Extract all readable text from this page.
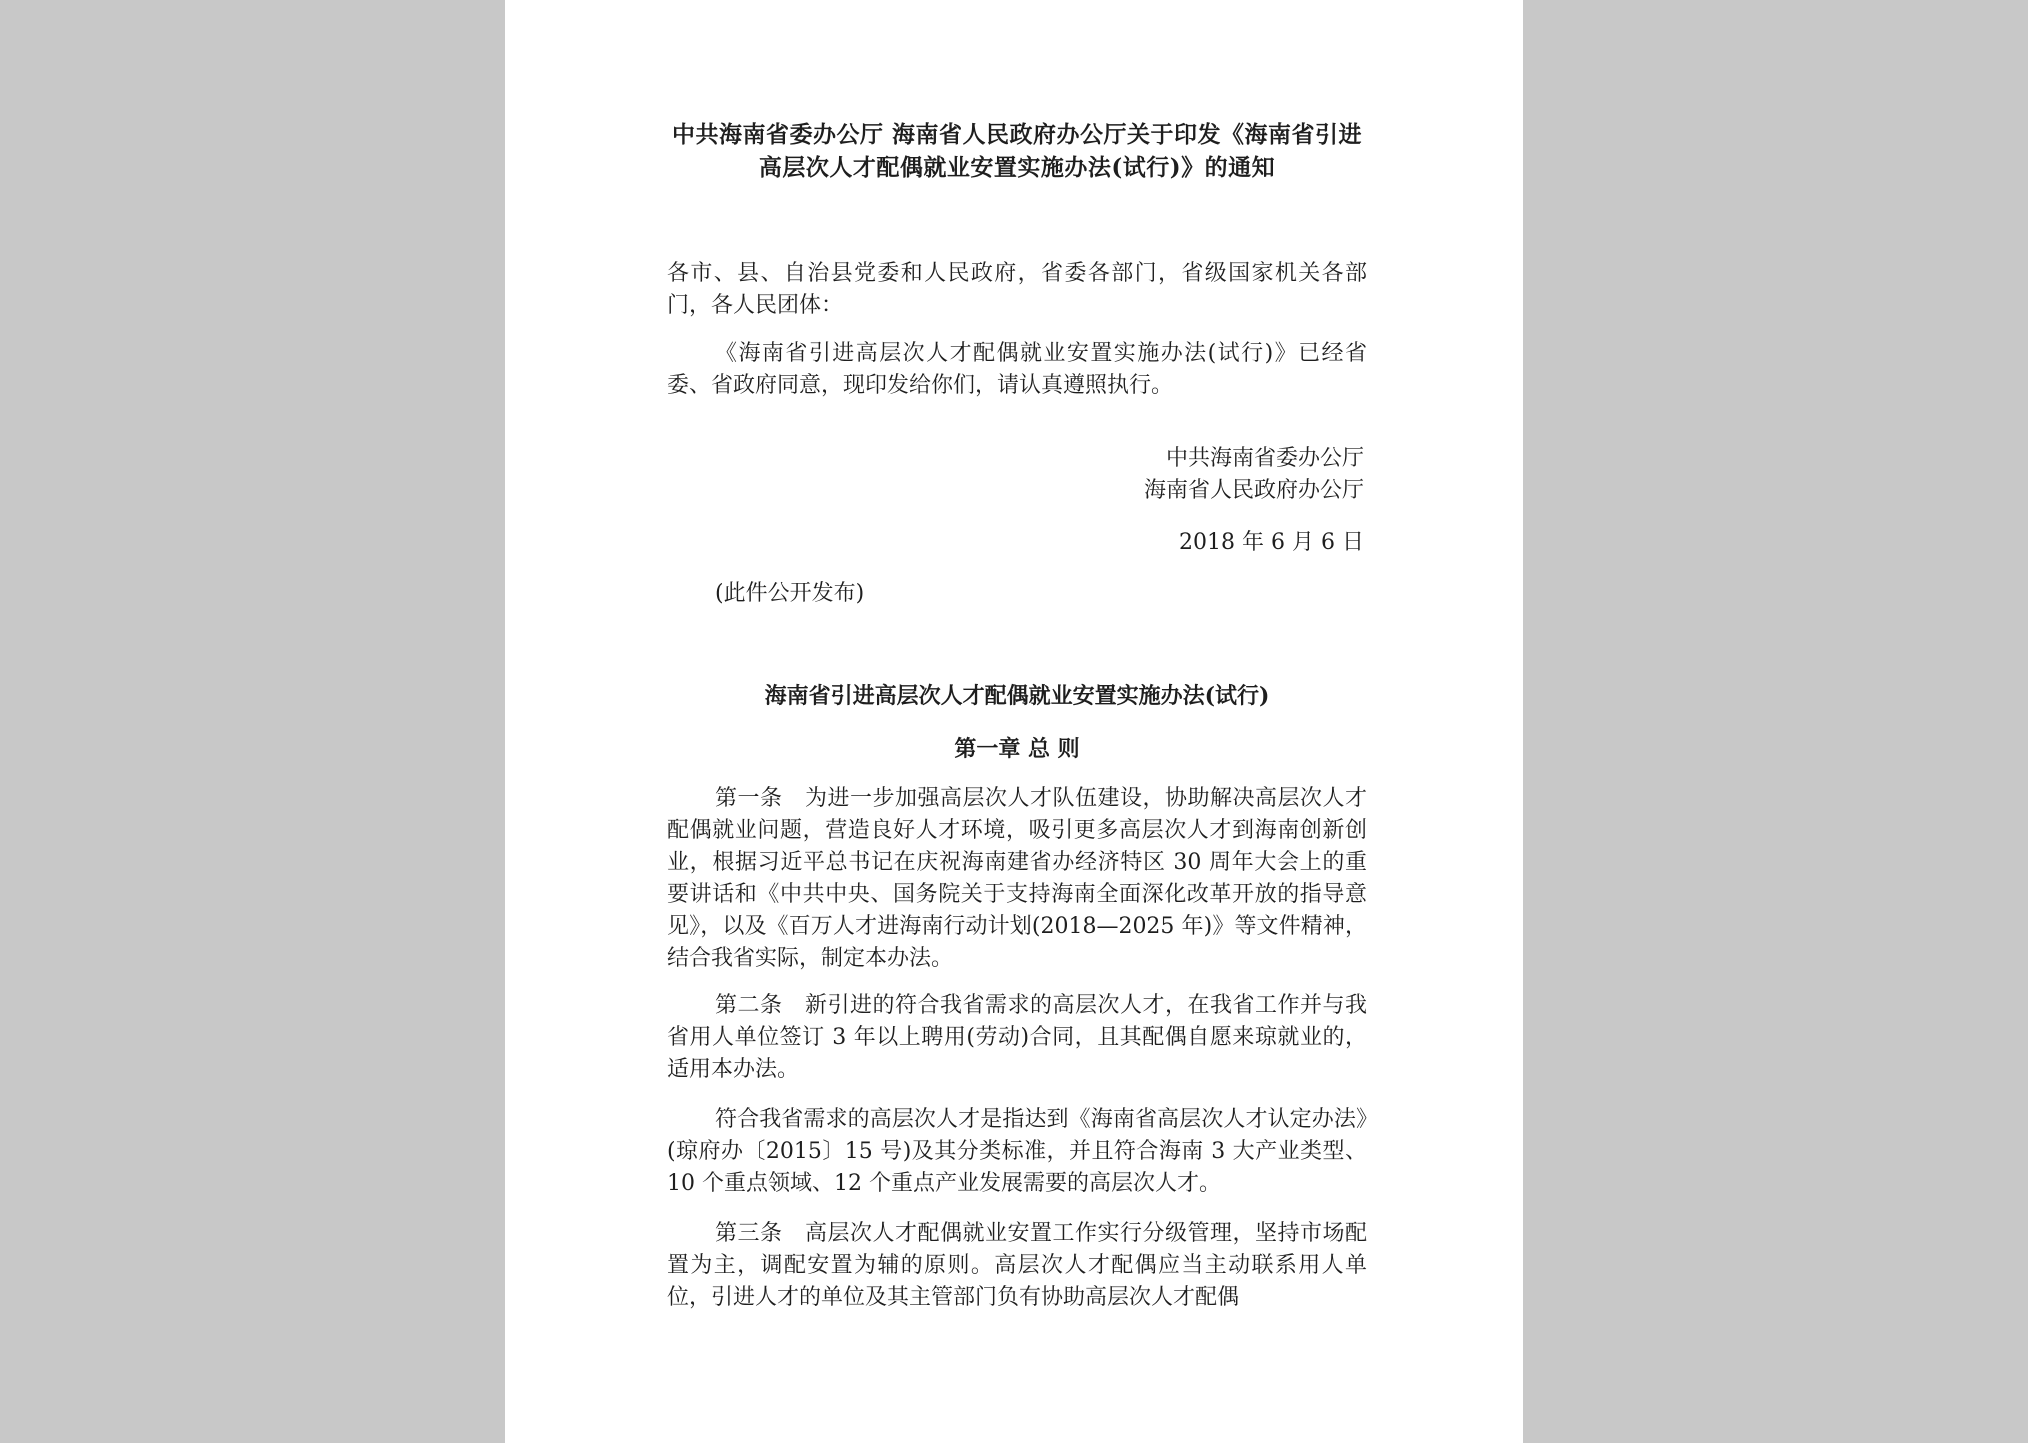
中共海南省委办公厅 海南省人民政府办公厅关于印发《海南省引进高层次人才配偶就业安置实施办法(试行)》的通知
各市、县、自治县党委和人民政府，省委各部门，省级国家机关各部门，各人民团体：
《海南省引进高层次人才配偶就业安置实施办法(试行)》已经省委、省政府同意，现印发给你们，请认真遵照执行。
中共海南省委办公厅
海南省人民政府办公厅
2018 年 6 月 6 日
(此件公开发布)
海南省引进高层次人才配偶就业安置实施办法(试行)
第一章 总 则
第一条　为进一步加强高层次人才队伍建设，协助解决高层次人才配偶就业问题，营造良好人才环境，吸引更多高层次人才到海南创新创业，根据习近平总书记在庆祝海南建省办经济特区 30 周年大会上的重要讲话和《中共中央、国务院关于支持海南全面深化改革开放的指导意见》，以及《百万人才进海南行动计划(2018—2025 年)》等文件精神，结合我省实际，制定本办法。
第二条　新引进的符合我省需求的高层次人才，在我省工作并与我省用人单位签订 3 年以上聘用(劳动)合同，且其配偶自愿来琼就业的，适用本办法。
符合我省需求的高层次人才是指达到《海南省高层次人才认定办法》(琼府办〔2015〕15 号)及其分类标准，并且符合海南 3 大产业类型、10 个重点领域、12 个重点产业发展需要的高层次人才。
第三条　高层次人才配偶就业安置工作实行分级管理，坚持市场配置为主，调配安置为辅的原则。高层次人才配偶应当主动联系用人单位，引进人才的单位及其主管部门负有协助高层次人才配偶
